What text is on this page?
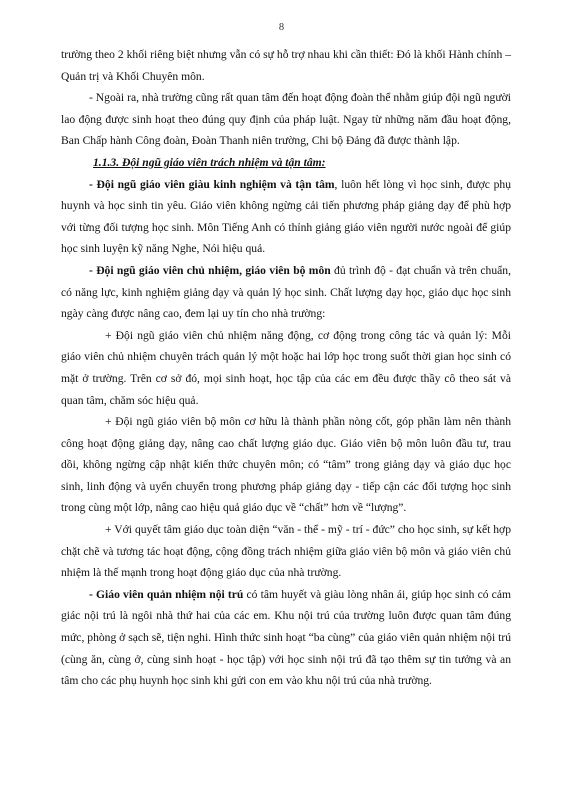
8

trường theo 2 khối riêng biệt nhưng vẫn có sự hỗ trợ nhau khi cần thiết: Đó là khối Hành chính – Quản trị và Khối Chuyên môn.

- Ngoài ra, nhà trường cũng rất quan tâm đến hoạt động đoàn thể nhằm giúp đội ngũ người lao động được sinh hoạt theo đúng quy định của pháp luật. Ngay từ những năm đầu hoạt động, Ban Chấp hành Công đoàn, Đoàn Thanh niên trường, Chi bộ Đảng đã được thành lập.

1.1.3. Đội ngũ giáo viên trách nhiệm và tận tâm:

- Đội ngũ giáo viên giàu kinh nghiệm và tận tâm, luôn hết lòng vì học sinh, được phụ huynh và học sinh tin yêu. Giáo viên không ngừng cải tiến phương pháp giảng dạy để phù hợp với từng đối tượng học sinh. Môn Tiếng Anh có thỉnh giảng giáo viên người nước ngoài để giúp học sinh luyện kỹ năng Nghe, Nói hiệu quả.

- Đội ngũ giáo viên chủ nhiệm, giáo viên bộ môn đủ trình độ - đạt chuẩn và trên chuẩn, có năng lực, kinh nghiệm giảng dạy và quản lý học sinh. Chất lượng dạy học, giáo dục học sinh ngày càng được nâng cao, đem lại uy tín cho nhà trường:

+ Đội ngũ giáo viên chủ nhiệm năng động, cơ động trong công tác và quản lý: Mỗi giáo viên chủ nhiệm chuyên trách quản lý một hoặc hai lớp học trong suốt thời gian học sinh có mặt ở trường. Trên cơ sở đó, mọi sinh hoạt, học tập của các em đều được thầy cô theo sát và quan tâm, chăm sóc hiệu quả.

+ Đội ngũ giáo viên bộ môn cơ hữu là thành phần nòng cốt, góp phần làm nên thành công hoạt động giảng dạy, nâng cao chất lượng giáo dục. Giáo viên bộ môn luôn đầu tư, trau dồi, không ngừng cập nhật kiến thức chuyên môn; có “tâm” trong giảng dạy và giáo dục học sinh, linh động và uyển chuyển trong phương pháp giảng dạy - tiếp cận các đối tượng học sinh trong cùng một lớp, nâng cao hiệu quả giáo dục về “chất” hơn về “lượng”.

+ Với quyết tâm giáo dục toàn diện “văn - thể - mỹ - trí - đức” cho học sinh, sự kết hợp chặt chẽ và tương tác hoạt động, cộng đồng trách nhiệm giữa giáo viên bộ môn và giáo viên chủ nhiệm là thế mạnh trong hoạt động giáo dục của nhà trường.

- Giáo viên quản nhiệm nội trú có tâm huyết và giàu lòng nhân ái, giúp học sinh có cảm giác nội trú là ngôi nhà thứ hai của các em. Khu nội trú của trường luôn được quan tâm đúng mức, phòng ở sạch sẽ, tiện nghi. Hình thức sinh hoạt “ba cùng” của giáo viên quản nhiệm nội trú (cùng ăn, cùng ở, cùng sinh hoạt - học tập) với học sinh nội trú đã tạo thêm sự tin tưởng và an tâm cho các phụ huynh học sinh khi gửi con em vào khu nội trú của nhà trường.
